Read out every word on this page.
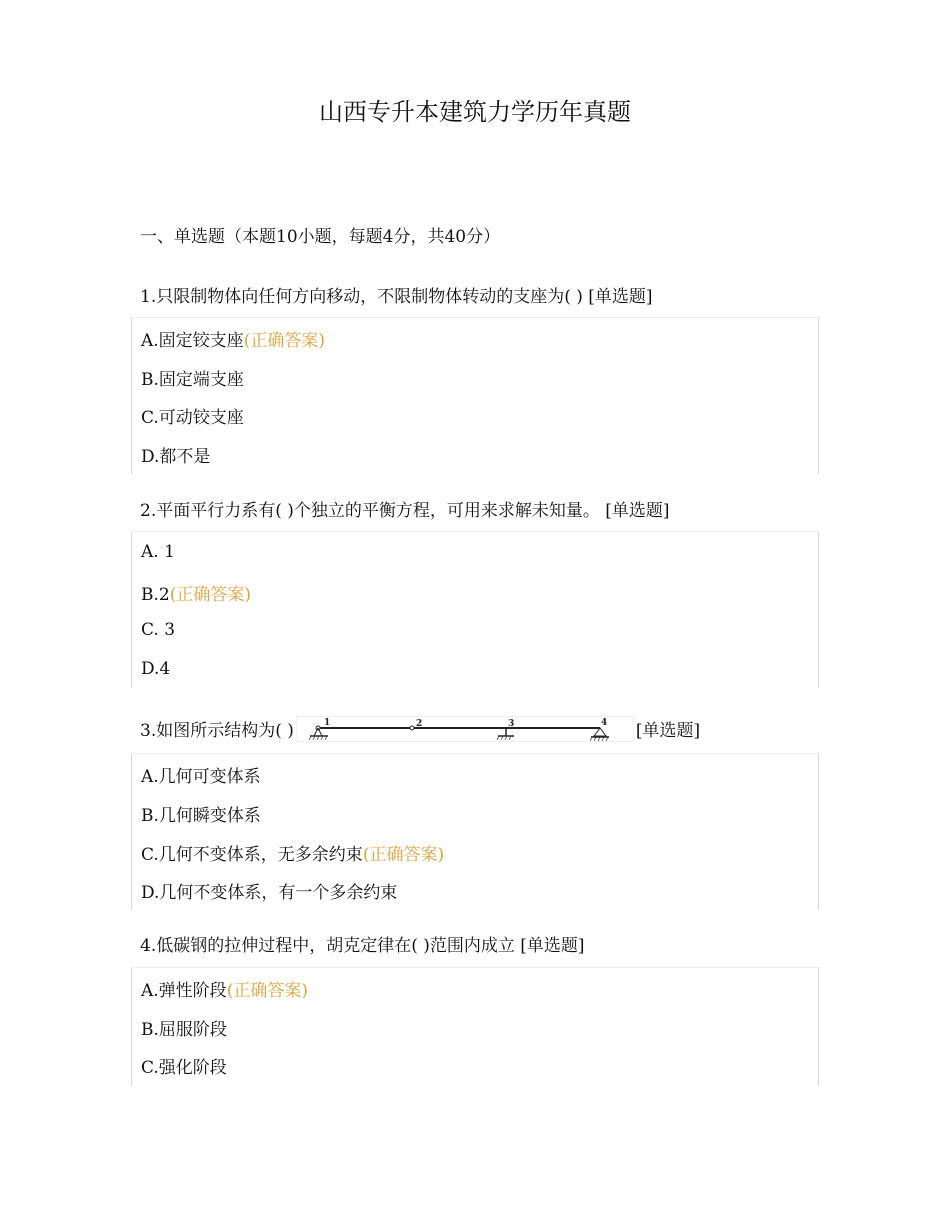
山西专升本建筑力学历年真题
一、单选题（本题10小题，每题4分，共40分）
1.只限制物体向任何方向移动，不限制物体转动的支座为( ) [单选题]
A.固定铰支座(正确答案)
B.固定端支座
C.可动铰支座
D.都不是
2.平面平行力系有( )个独立的平衡方程，可用来求解未知量。 [单选题]
A. 1
B.2(正确答案)
C. 3
D.4
3.如图所示结构为( )	1	2	3	4 [单选题]
A.几何可变体系
B.几何瞬变体系
C.几何不变体系，无多余约束(正确答案)
D.几何不变体系，有一个多余约束
4.低碳钢的拉伸过程中，胡克定律在( )范围内成立 [单选题]
A.弹性阶段(正确答案)
B.屈服阶段
C.强化阶段
